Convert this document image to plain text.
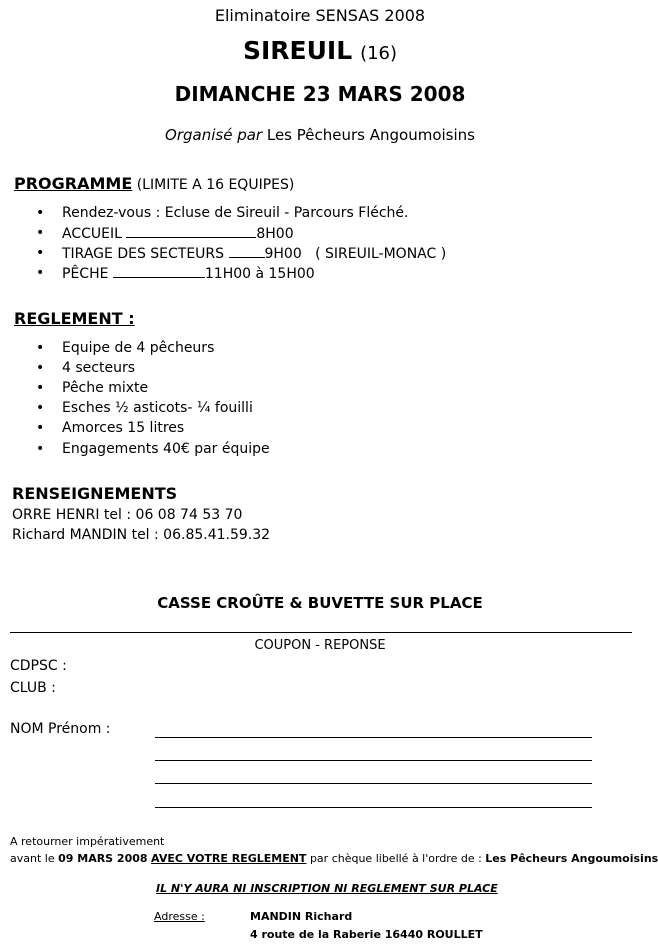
Eliminatoire SENSAS 2008
SIREUIL (16)
DIMANCHE 23 MARS 2008
Organisé par Les Pêcheurs Angoumoisins
PROGRAMME (LIMITE A 16 EQUIPES)
• Rendez-vous : Ecluse de Sireuil - Parcours Fléché.
• ACCUEIL	8H00
• TIRAGE DES SECTEURS	9H00 ( SIREUIL-MONAC )
• PÊCHE	11H00 à 15H00
REGLEMENT :
• Equipe de 4 pêcheurs
• 4 secteurs
• Pêche mixte
• Esches ½ asticots- ¼ fouilli
• Amorces 15 litres
• Engagements 40€ par équipe
RENSEIGNEMENTS
ORRE HENRI tel : 06 08 74 53 70
Richard MANDIN tel : 06.85.41.59.32
CASSE CROÛTE & BUVETTE SUR PLACE
COUPON - REPONSE
CDPSC :
CLUB :
NOM Prénom :
A retourner impérativement
avant le 09 MARS 2008 AVEC VOTRE REGLEMENT par chèque libellé à l'ordre de : Les Pêcheurs Angoumoisins
IL N'Y AURA NI INSCRIPTION NI REGLEMENT SUR PLACE
Adresse :	MANDIN Richard
4 route de la Raberie 16440 ROULLET
